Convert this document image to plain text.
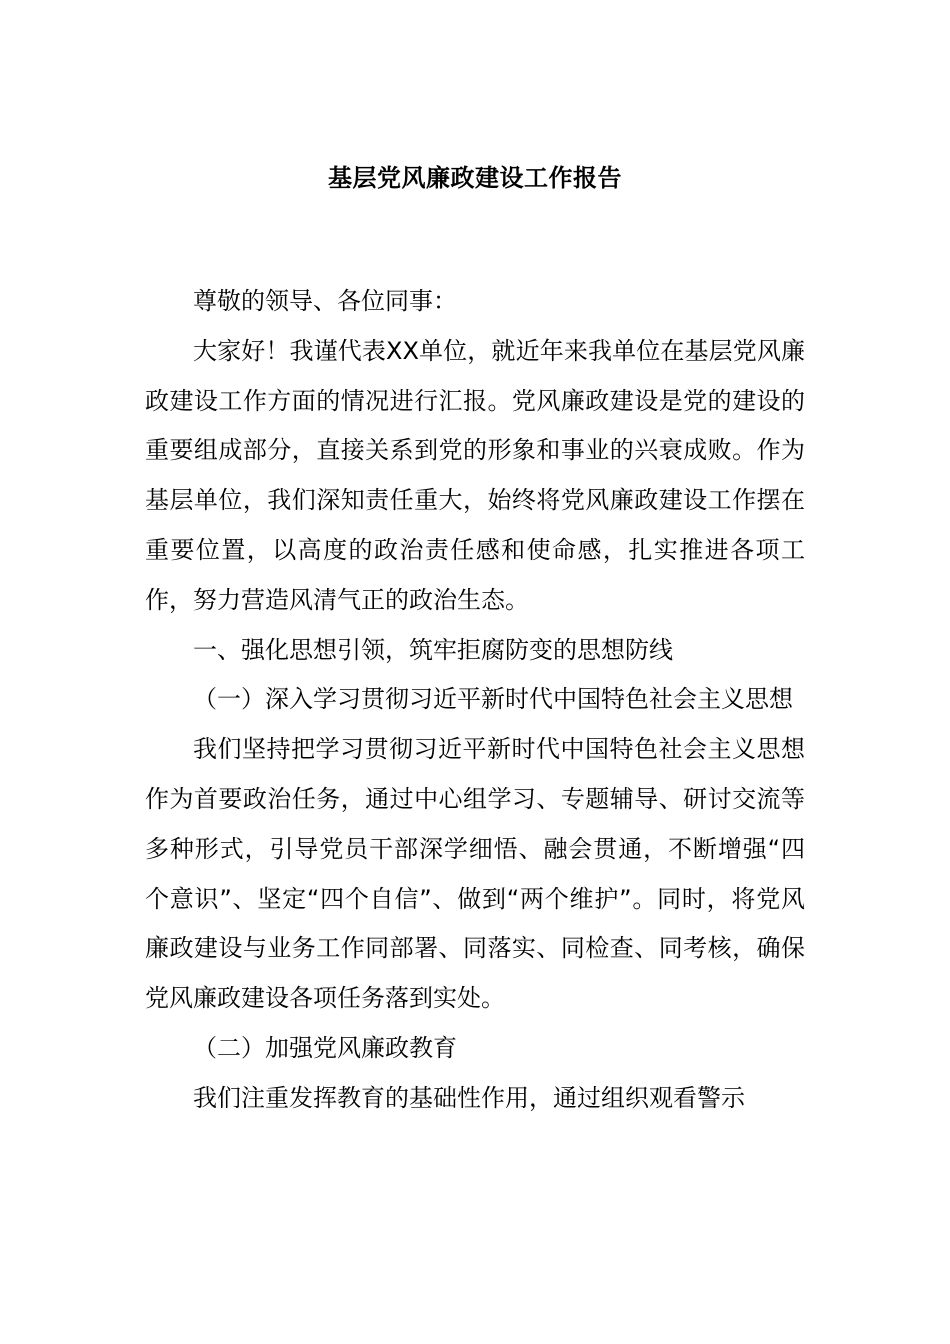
基层党风廉政建设工作报告

尊敬的领导、各位同事：

大家好！我谨代表XX单位，就近年来我单位在基层党风廉政建设工作方面的情况进行汇报。党风廉政建设是党的建设的重要组成部分，直接关系到党的形象和事业的兴衰成败。作为基层单位，我们深知责任重大，始终将党风廉政建设工作摆在重要位置，以高度的政治责任感和使命感，扎实推进各项工作，努力营造风清气正的政治生态。

一、强化思想引领，筑牢拒腐防变的思想防线

（一）深入学习贯彻习近平新时代中国特色社会主义思想

我们坚持把学习贯彻习近平新时代中国特色社会主义思想作为首要政治任务，通过中心组学习、专题辅导、研讨交流等多种形式，引导党员干部深学细悟、融会贯通，不断增强“四个意识”、坚定“四个自信”、做到“两个维护”。同时，将党风廉政建设与业务工作同部署、同落实、同检查、同考核，确保党风廉政建设各项任务落到实处。

（二）加强党风廉政教育

我们注重发挥教育的基础性作用，通过组织观看警示
